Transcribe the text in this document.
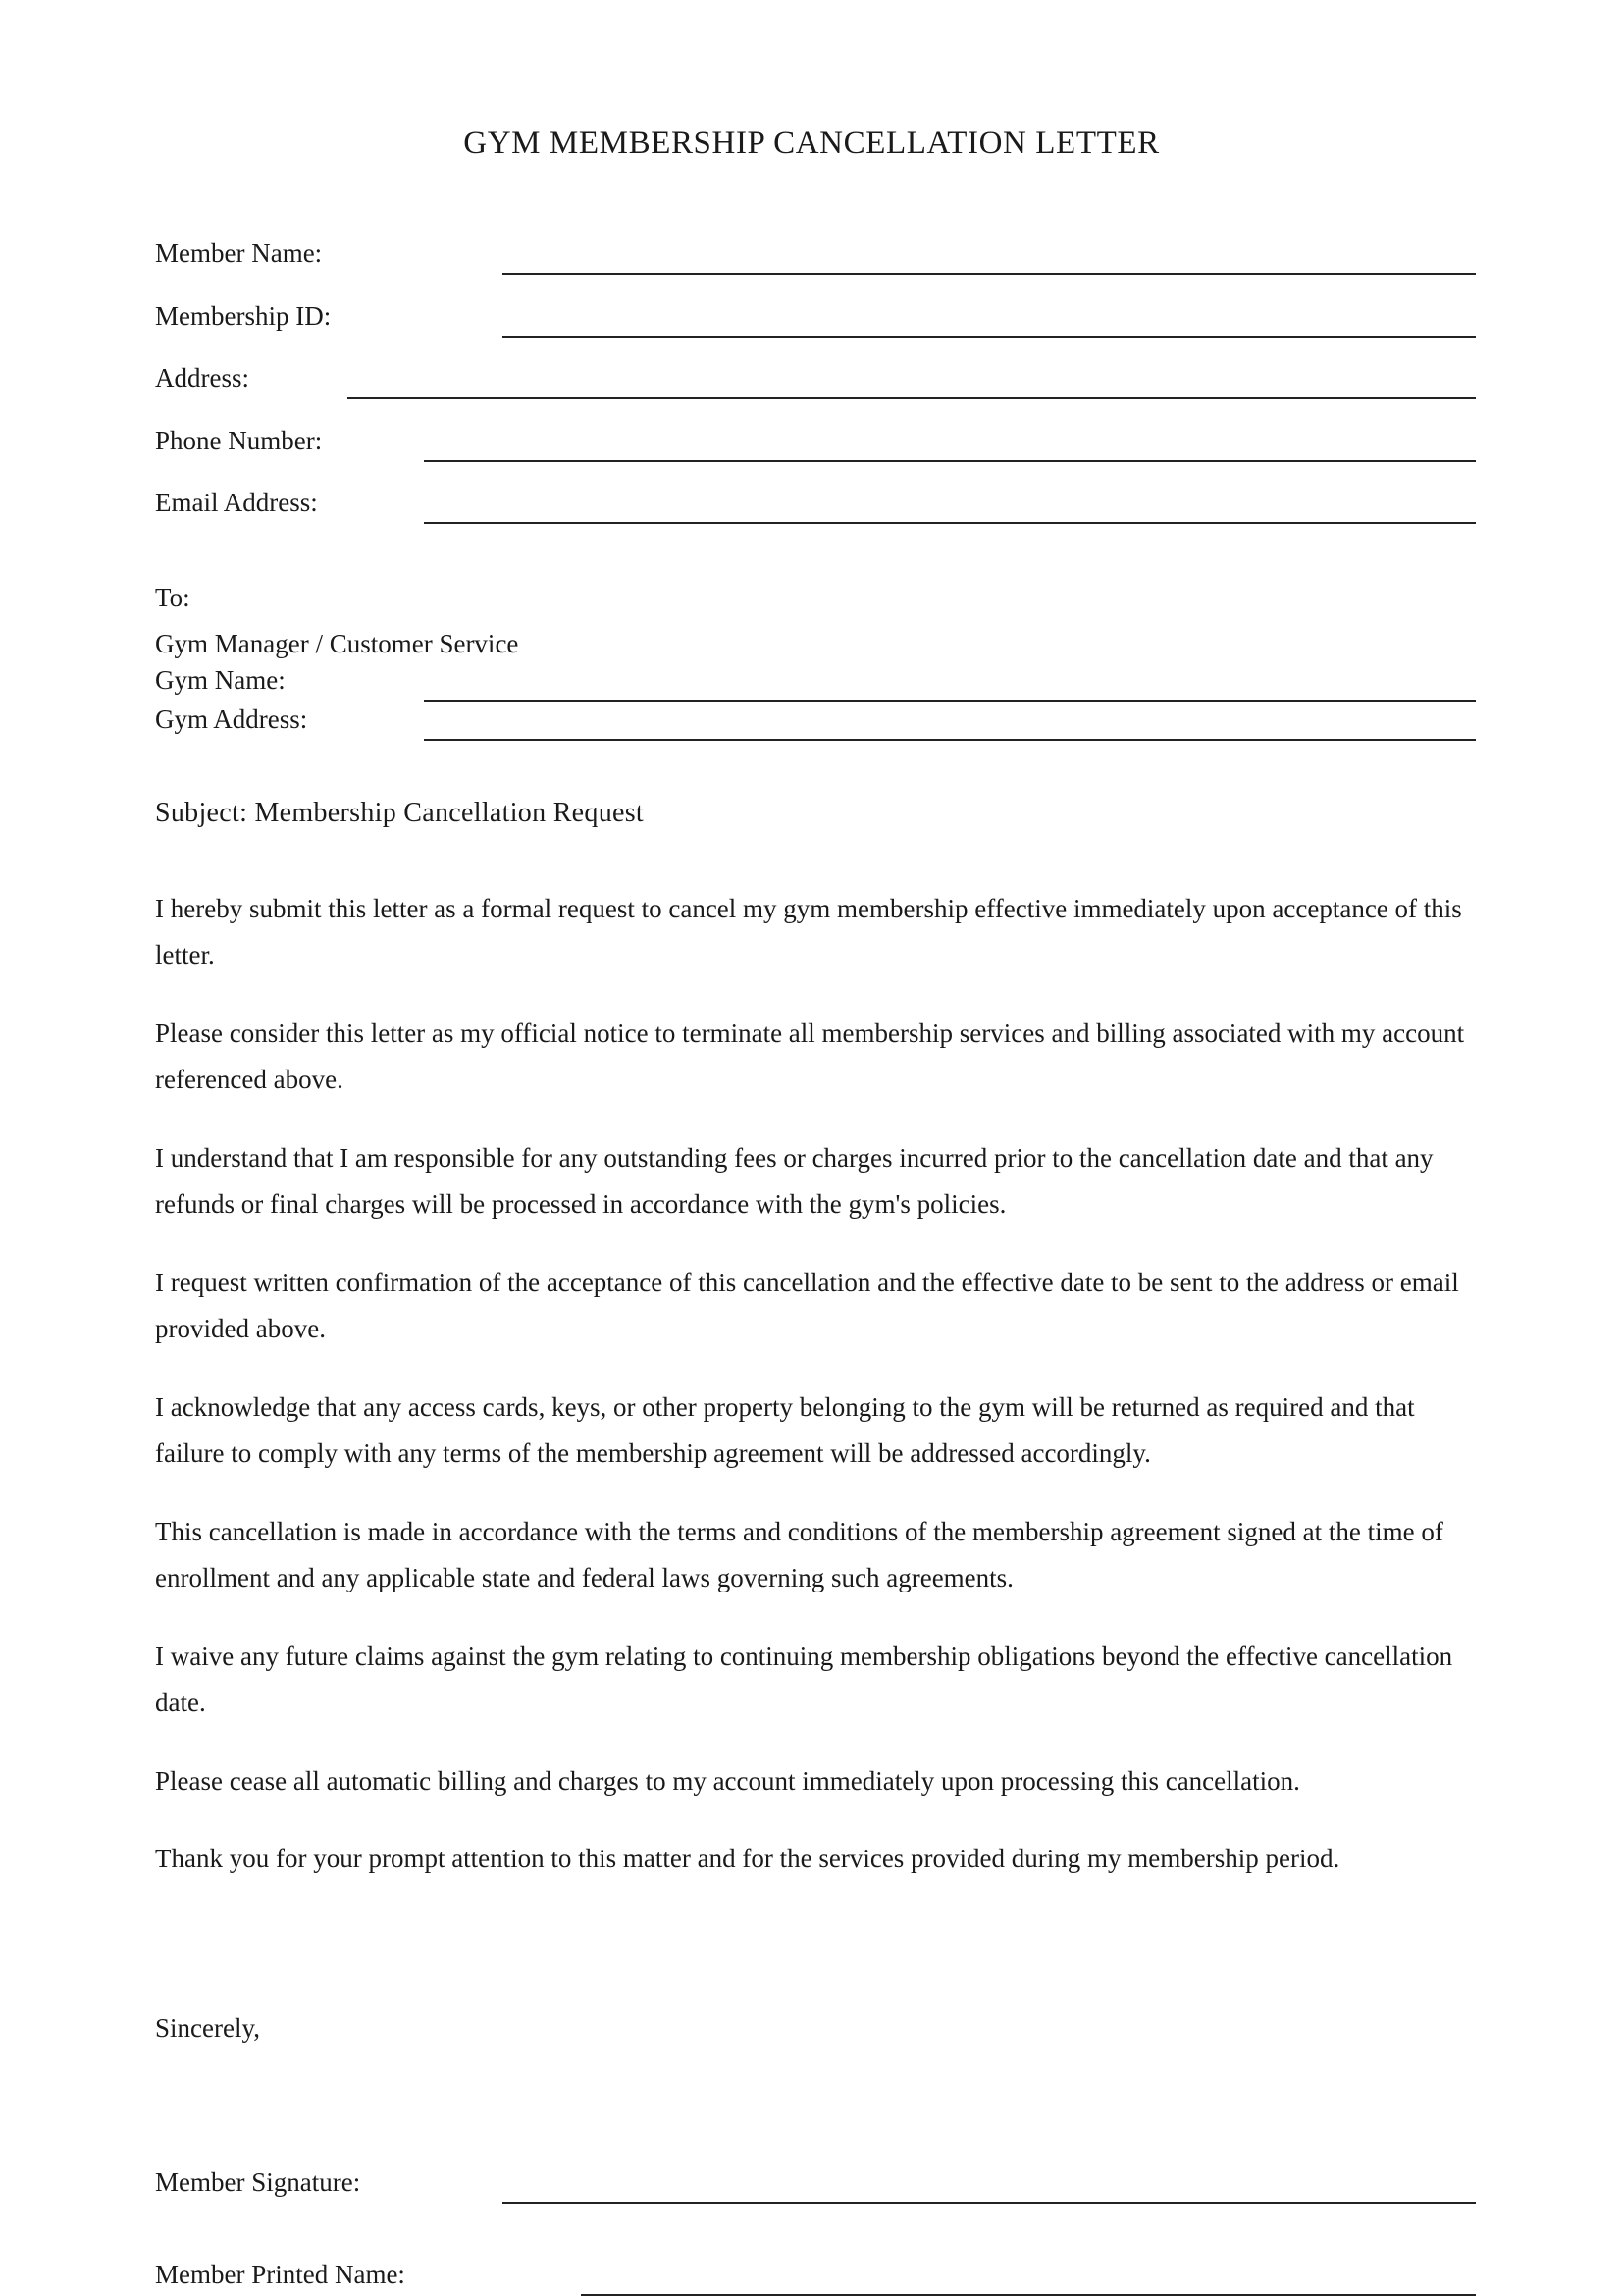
GYM MEMBERSHIP CANCELLATION LETTER
Member Name:
Membership ID:
Address:
Phone Number:
Email Address:
To:
Gym Manager / Customer Service
Gym Name:
Gym Address:
Subject: Membership Cancellation Request

I hereby submit this letter as a formal request to cancel my gym membership effective immediately upon acceptance of this letter.

Please consider this letter as my official notice to terminate all membership services and billing associated with my account referenced above.

I understand that I am responsible for any outstanding fees or charges incurred prior to the cancellation date and that any refunds or final charges will be processed in accordance with the gym's policies.

I request written confirmation of the acceptance of this cancellation and the effective date to be sent to the address or email provided above.

I acknowledge that any access cards, keys, or other property belonging to the gym will be returned as required and that failure to comply with any terms of the membership agreement will be addressed accordingly.

This cancellation is made in accordance with the terms and conditions of the membership agreement signed at the time of enrollment and any applicable state and federal laws governing such agreements.

I waive any future claims against the gym relating to continuing membership obligations beyond the effective cancellation date.

Please cease all automatic billing and charges to my account immediately upon processing this cancellation.

Thank you for your prompt attention to this matter and for the services provided during my membership period.

Sincerely,
Member Signature:
Member Printed Name:
